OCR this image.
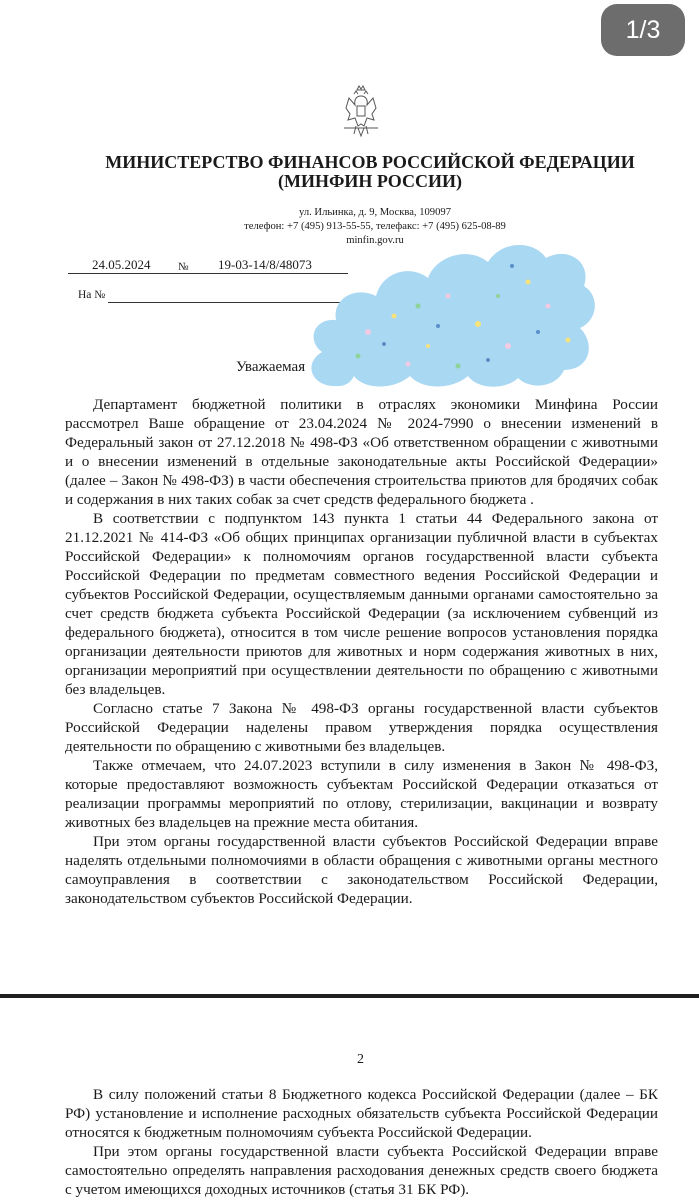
1/3
МИНИСТЕРСТВО ФИНАНСОВ РОССИЙСКОЙ ФЕДЕРАЦИИ
(МИНФИН РОССИИ)
ул. Ильинка, д. 9, Москва, 109097
телефон: +7 (495) 913-55-55, телефакс: +7 (495) 625-08-89
minfin.gov.ru
24.05.2024	№ 19-03-14/8/48073
На №
Уважаемая

Департамент бюджетной политики в отраслях экономики Минфина России рассмотрел Ваше обращение от 23.04.2024 № 2024-7990 о внесении изменений в Федеральный закон от 27.12.2018 № 498-ФЗ «Об ответственном обращении с животными и о внесении изменений в отдельные законодательные акты Российской Федерации» (далее – Закон № 498-ФЗ) в части обеспечения строительства приютов для бродячих собак и содержания в них таких собак за счет средств федерального бюджета .

В соответствии с подпунктом 143 пункта 1 статьи 44 Федерального закона от 21.12.2021 № 414-ФЗ «Об общих принципах организации публичной власти в субъектах Российской Федерации» к полномочиям органов государственной власти субъекта Российской Федерации по предметам совместного ведения Российской Федерации и субъектов Российской Федерации, осуществляемым данными органами самостоятельно за счет средств бюджета субъекта Российской Федерации (за исключением субвенций из федерального бюджета), относится в том числе решение вопросов установления порядка организации деятельности приютов для животных и норм содержания животных в них, организации мероприятий при осуществлении деятельности по обращению с животными без владельцев.

Согласно статье 7 Закона № 498-ФЗ органы государственной власти субъектов Российской Федерации наделены правом утверждения порядка осуществления деятельности по обращению с животными без владельцев.

Также отмечаем, что 24.07.2023 вступили в силу изменения в Закон № 498-ФЗ, которые предоставляют возможность субъектам Российской Федерации отказаться от реализации программы мероприятий по отлову, стерилизации, вакцинации и возврату животных без владельцев на прежние места обитания.

При этом органы государственной власти субъектов Российской Федерации вправе наделять отдельными полномочиями в области обращения с животными органы местного самоуправления в соответствии с законодательством Российской Федерации, законодательством субъектов Российской Федерации.

2

В силу положений статьи 8 Бюджетного кодекса Российской Федерации (далее – БК РФ) установление и исполнение расходных обязательств субъекта Российской Федерации относятся к бюджетным полномочиям субъекта Российской Федерации.

При этом органы государственной власти субъекта Российской Федерации вправе самостоятельно определять направления расходования денежных средств своего бюджета с учетом имеющихся доходных источников (статья 31 БК РФ).
